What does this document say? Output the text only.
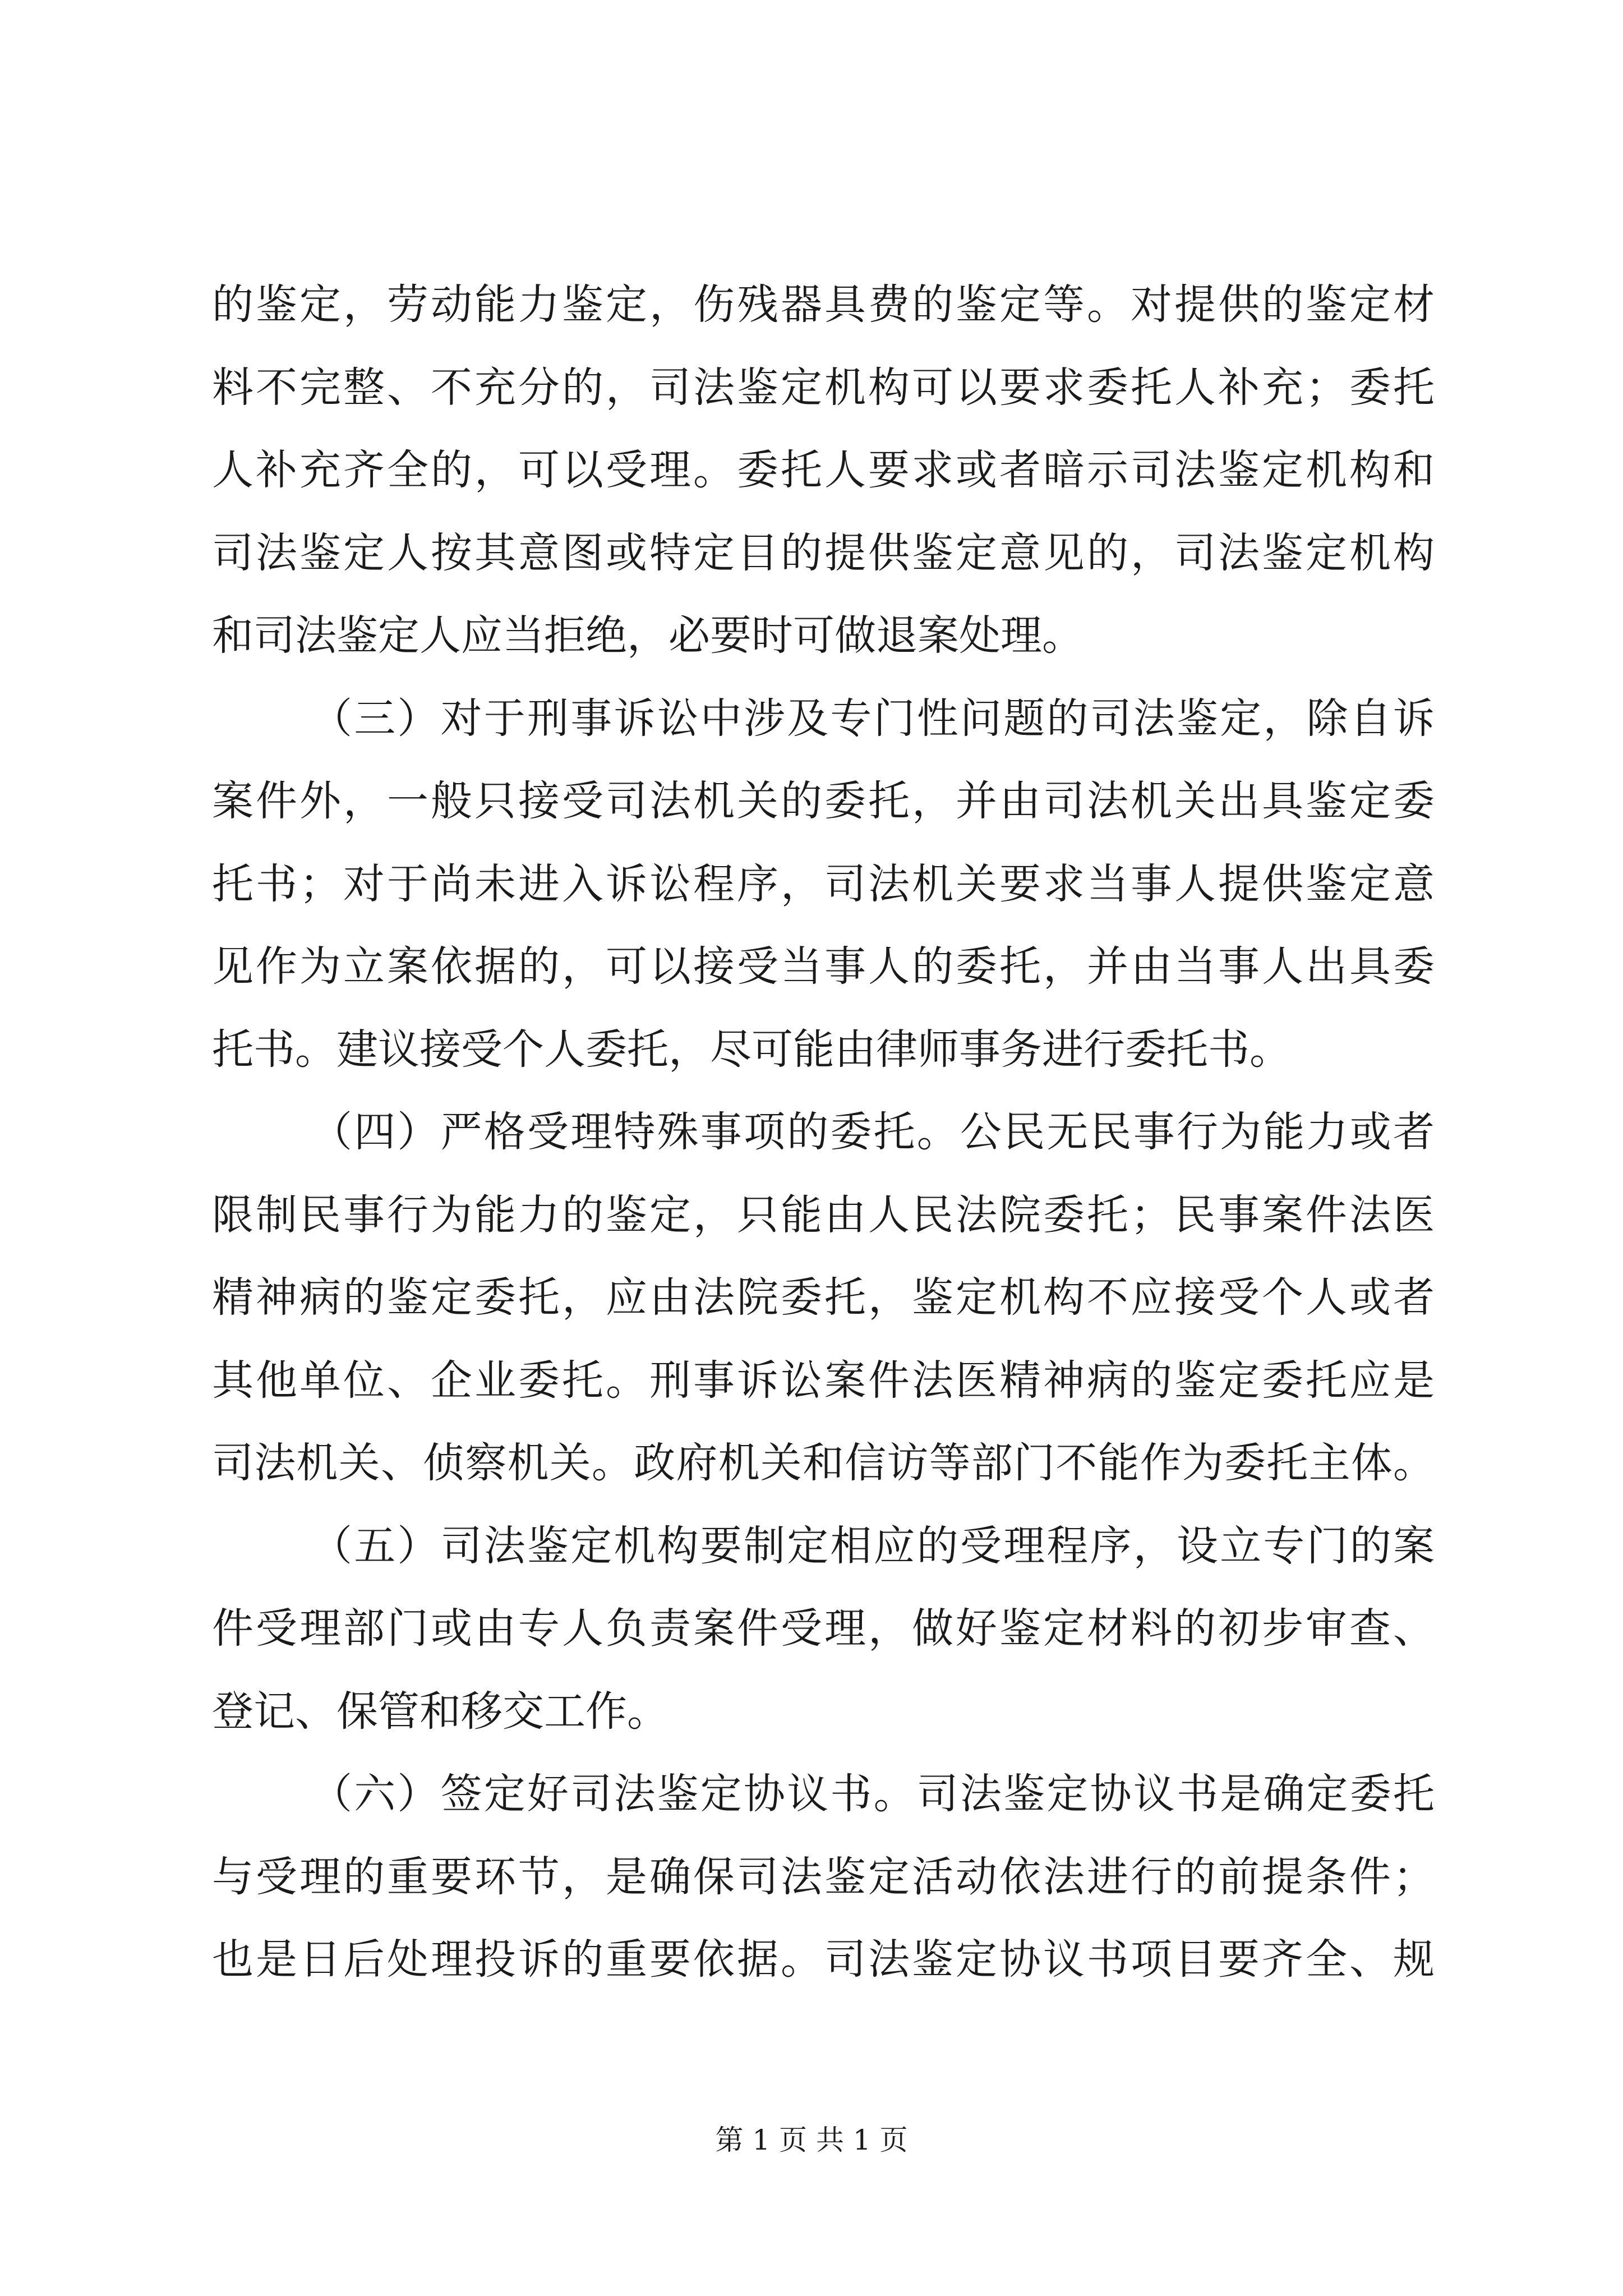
的鉴定，劳动能力鉴定，伤残器具费的鉴定等。对提供的鉴定材
料不完整、不充分的，司法鉴定机构可以要求委托人补充；委托
人补充齐全的，可以受理。委托人要求或者暗示司法鉴定机构和
司法鉴定人按其意图或特定目的提供鉴定意见的，司法鉴定机构
和司法鉴定人应当拒绝，必要时可做退案处理。
（三）对于刑事诉讼中涉及专门性问题的司法鉴定，除自诉
案件外，一般只接受司法机关的委托，并由司法机关出具鉴定委
托书；对于尚未进入诉讼程序，司法机关要求当事人提供鉴定意
见作为立案依据的，可以接受当事人的委托，并由当事人出具委
托书。建议接受个人委托，尽可能由律师事务进行委托书。
（四）严格受理特殊事项的委托。公民无民事行为能力或者
限制民事行为能力的鉴定，只能由人民法院委托；民事案件法医
精神病的鉴定委托，应由法院委托，鉴定机构不应接受个人或者
其他单位、企业委托。刑事诉讼案件法医精神病的鉴定委托应是
司法机关、侦察机关。政府机关和信访等部门不能作为委托主体。
（五）司法鉴定机构要制定相应的受理程序，设立专门的案
件受理部门或由专人负责案件受理，做好鉴定材料的初步审查、
登记、保管和移交工作。
（六）签定好司法鉴定协议书。司法鉴定协议书是确定委托
与受理的重要环节，是确保司法鉴定活动依法进行的前提条件；
也是日后处理投诉的重要依据。司法鉴定协议书项目要齐全、规
第 1 页 共 1 页
